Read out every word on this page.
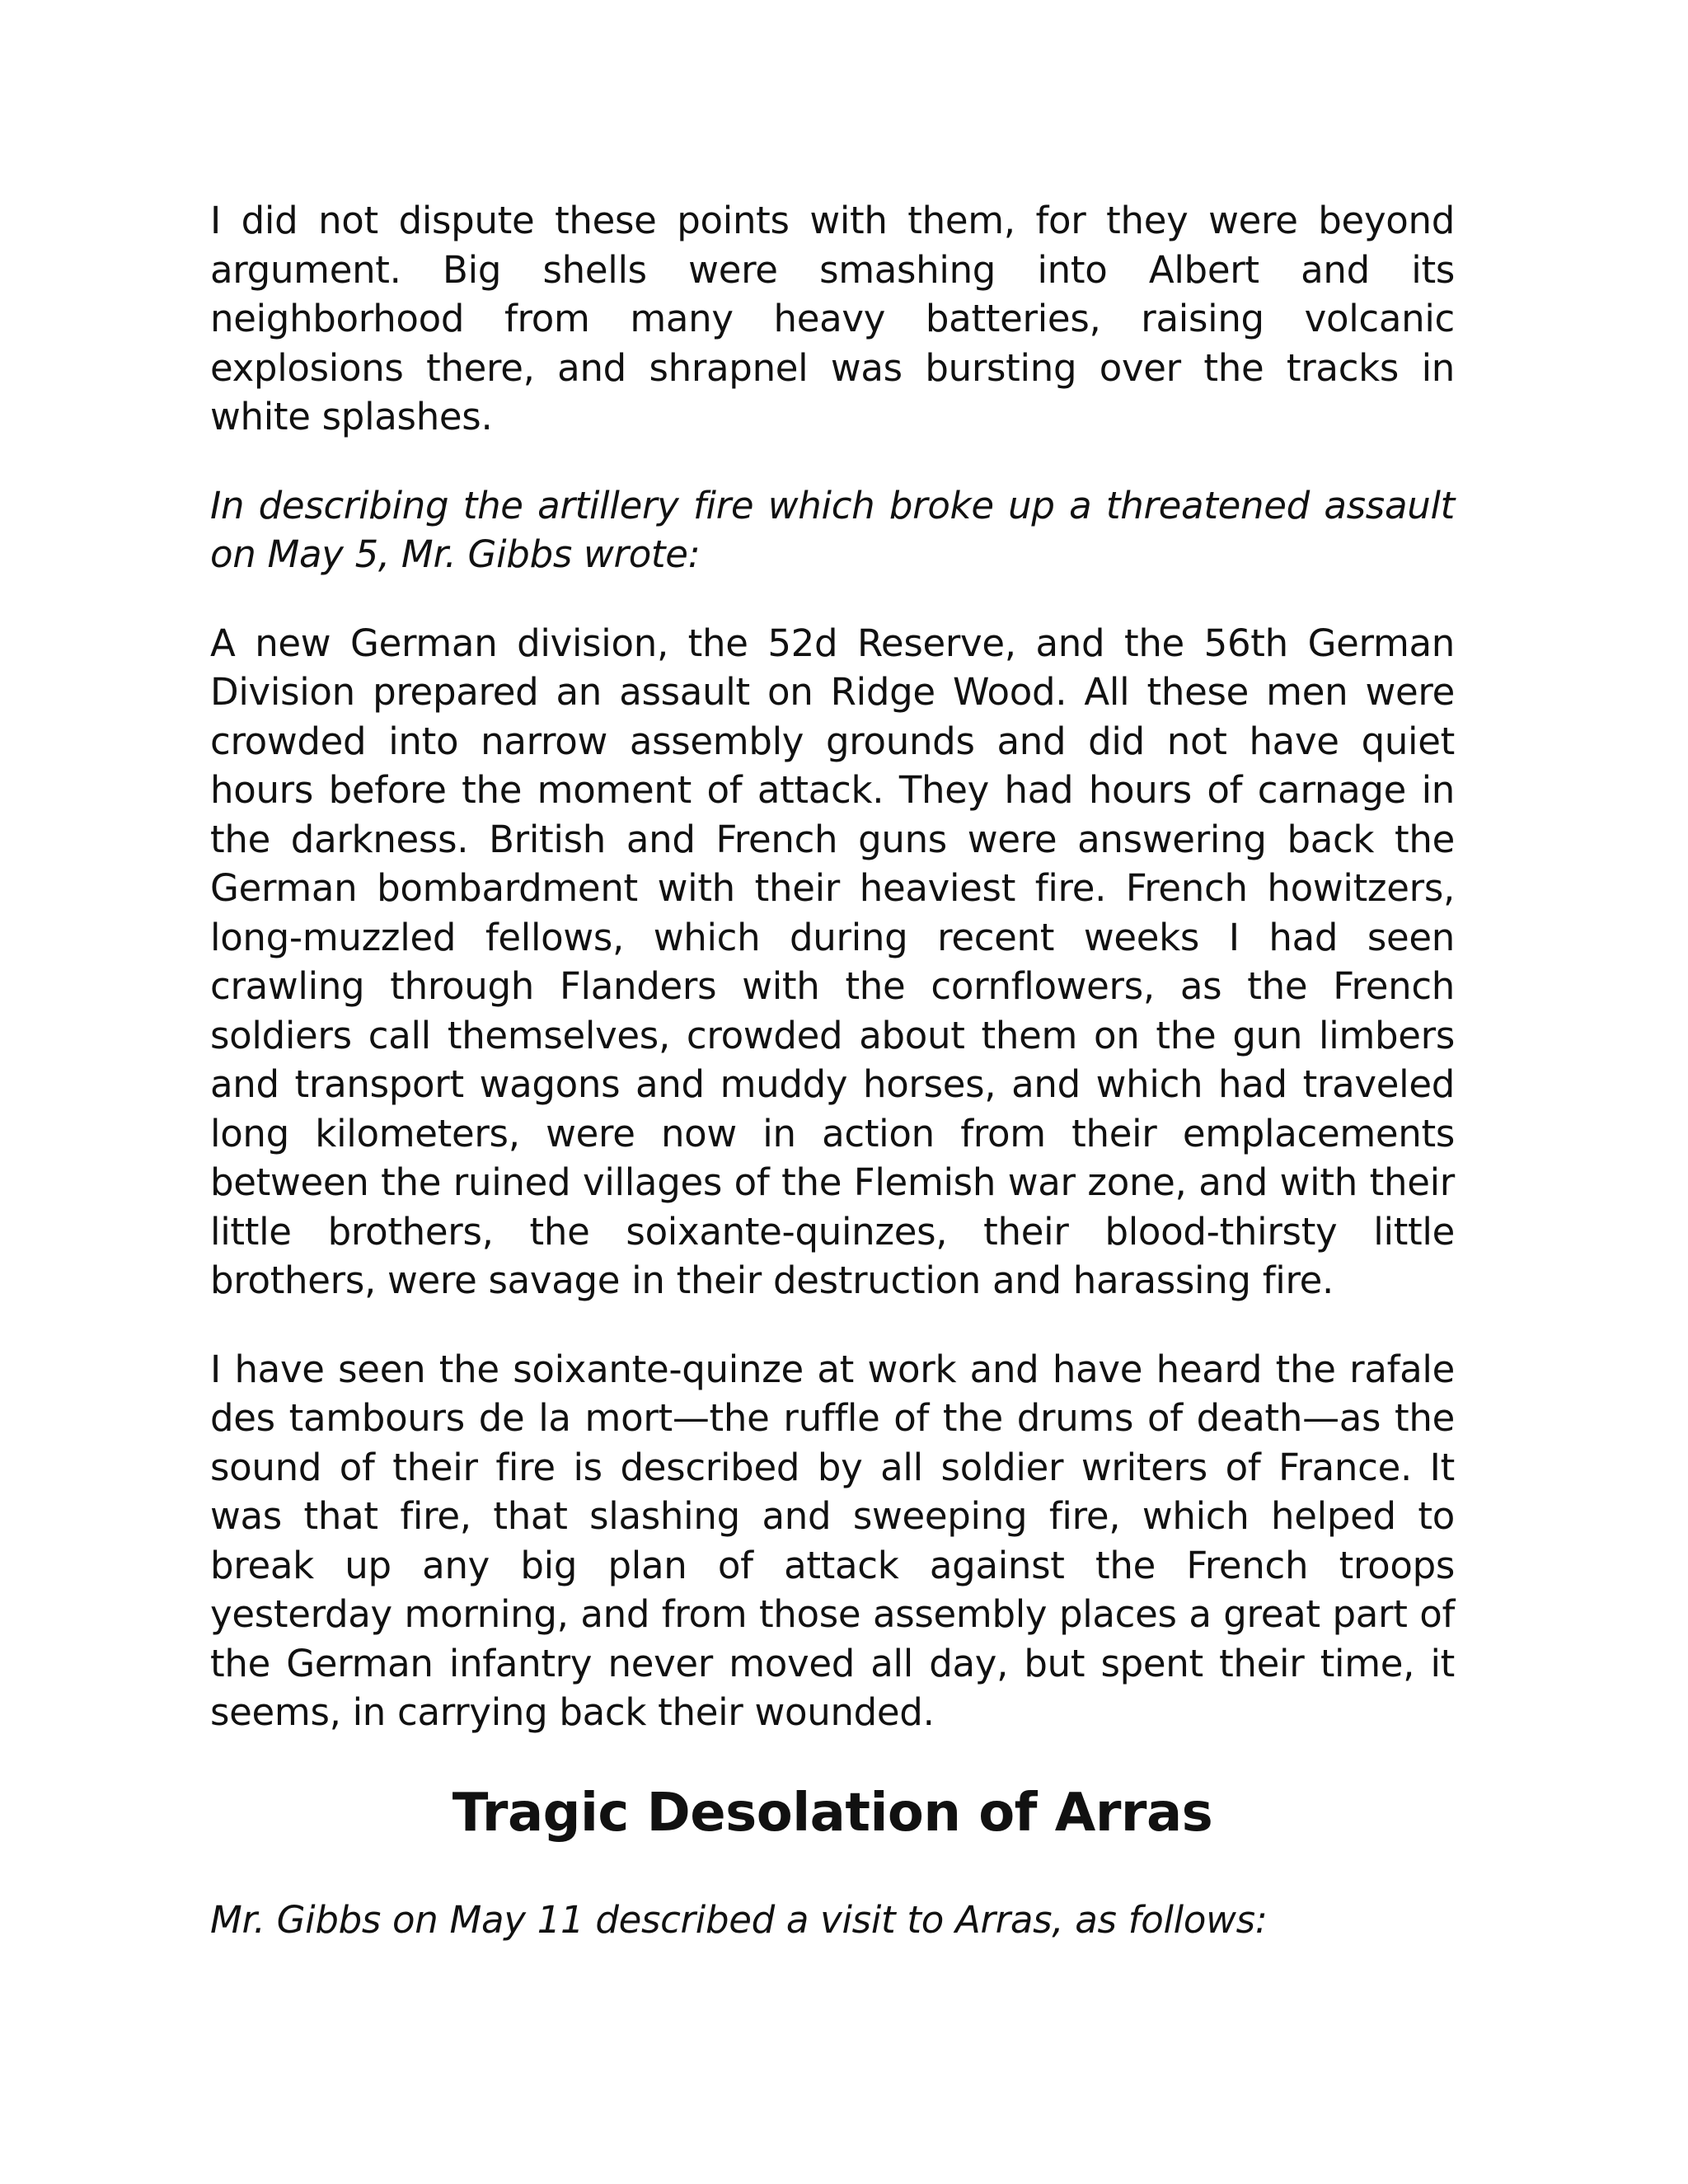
I did not dispute these points with them, for they were beyond argument. Big shells were smashing into Albert and its neighborhood from many heavy batteries, raising volcanic explosions there, and shrapnel was bursting over the tracks in white splashes.

In describing the artillery fire which broke up a threatened assault on May 5, Mr. Gibbs wrote:

A new German division, the 52d Reserve, and the 56th German Division prepared an assault on Ridge Wood. All these men were crowded into narrow assembly grounds and did not have quiet hours before the moment of attack. They had hours of carnage in the darkness. British and French guns were answering back the German bombardment with their heaviest fire. French howitzers, long-muzzled fellows, which during recent weeks I had seen crawling through Flanders with the cornflowers, as the French soldiers call themselves, crowded about them on the gun limbers and transport wagons and muddy horses, and which had traveled long kilometers, were now in action from their emplacements between the ruined villages of the Flemish war zone, and with their little brothers, the soixante-quinzes, their blood-thirsty little brothers, were savage in their destruction and harassing fire.

I have seen the soixante-quinze at work and have heard the rafale des tambours de la mort—the ruffle of the drums of death—as the sound of their fire is described by all soldier writers of France. It was that fire, that slashing and sweeping fire, which helped to break up any big plan of attack against the French troops yesterday morning, and from those assembly places a great part of the German infantry never moved all day, but spent their time, it seems, in carrying back their wounded.

Tragic Desolation of Arras

Mr. Gibbs on May 11 described a visit to Arras, as follows:
